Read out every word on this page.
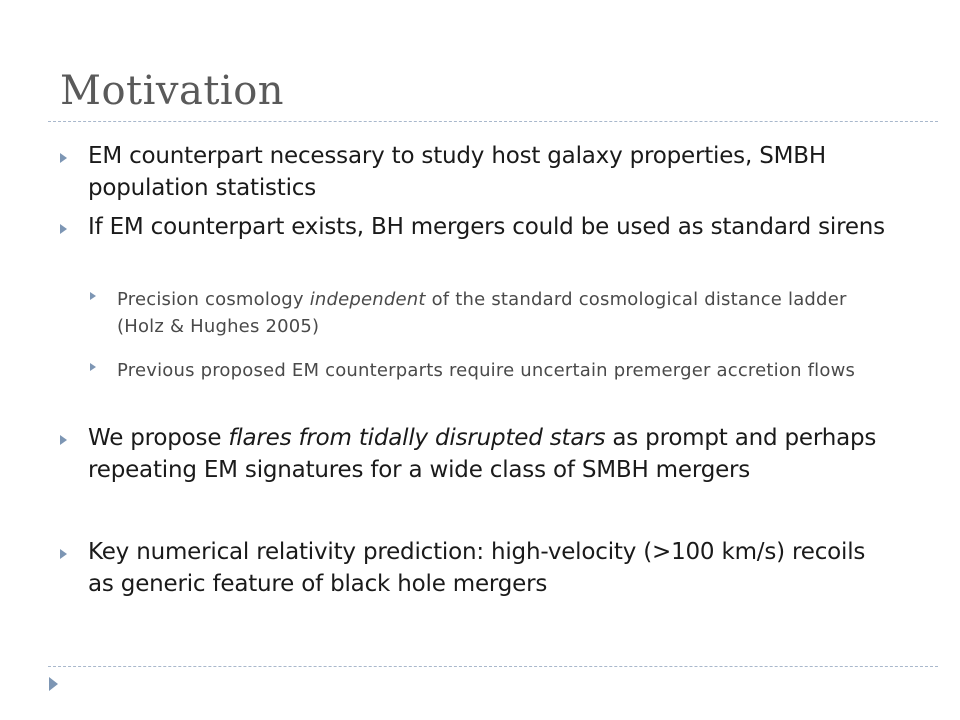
Motivation
EM counterpart necessary to study host galaxy properties, SMBH population statistics
If EM counterpart exists, BH mergers could be used as standard sirens
Precision cosmology independent of the standard cosmological distance ladder (Holz & Hughes 2005)
Previous proposed EM counterparts require uncertain premerger accretion flows
We propose flares from tidally disrupted stars as prompt and perhaps repeating EM signatures for a wide class of SMBH mergers
Key numerical relativity prediction: high-velocity (>100 km/s) recoils as generic feature of black hole mergers
